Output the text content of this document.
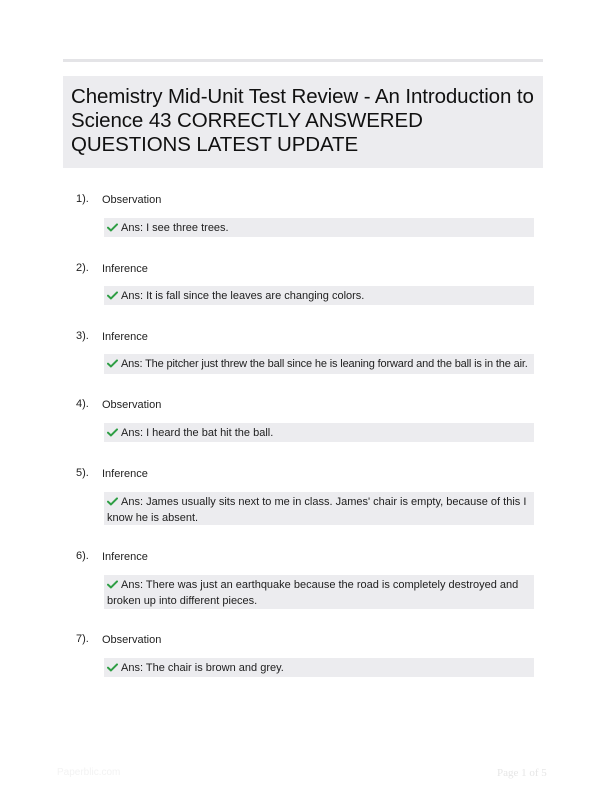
Chemistry Mid-Unit Test Review - An Introduction to Science 43 CORRECTLY ANSWERED QUESTIONS LATEST UPDATE
1). Observation
Ans: I see three trees.
2). Inference
Ans: It is fall since the leaves are changing colors.
3). Inference
Ans: The pitcher just threw the ball since he is leaning forward and the ball is in the air.
4). Observation
Ans: I heard the bat hit the ball.
5). Inference
Ans: James usually sits next to me in class. James' chair is empty, because of this I know he is absent.
6). Inference
Ans: There was just an earthquake because the road is completely destroyed and broken up into different pieces.
7). Observation
Ans: The chair is brown and grey.
Paperblic.com	Page 1 of 5
